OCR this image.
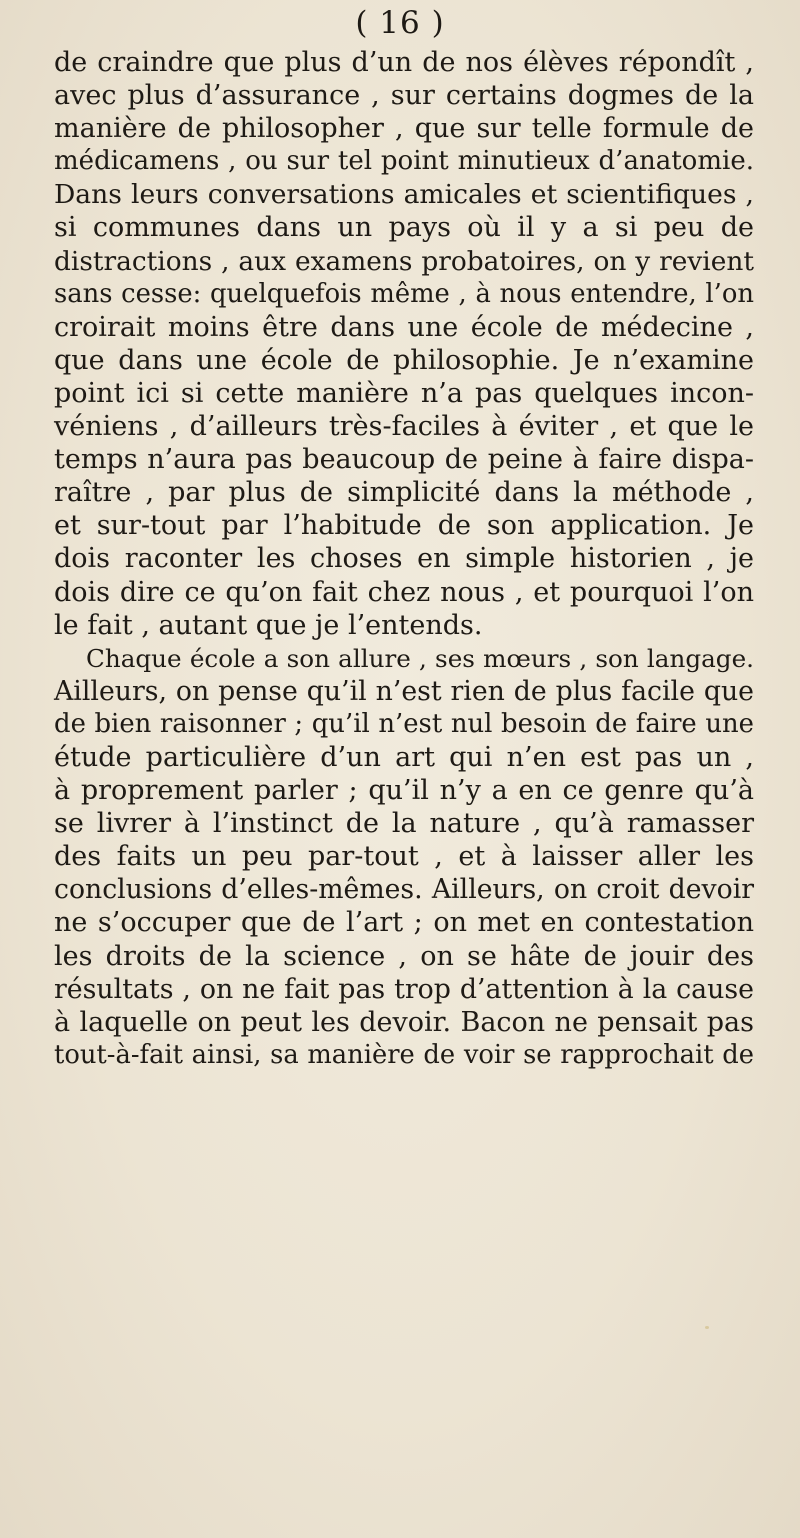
( 16 )

de craindre que plus d’un de nos élèves répondît ,
avec plus d’assurance , sur certains dogmes de la
manière de philosopher , que sur telle formule de
médicamens , ou sur tel point minutieux d’anatomie.
Dans leurs conversations amicales et scientifiques ,
si communes dans un pays où il y a si peu de
distractions , aux examens probatoires, on y revient
sans cesse: quelquefois même , à nous entendre, l’on
croirait moins être dans une école de médecine ,
que dans une école de philosophie. Je n’examine
point ici si cette manière n’a pas quelques incon-
véniens , d’ailleurs très-faciles à éviter , et que le
temps n’aura pas beaucoup de peine à faire dispa-
raître , par plus de simplicité dans la méthode ,
et sur-tout par l’habitude de son application. Je
dois raconter les choses en simple historien , je
dois dire ce qu’on fait chez nous , et pourquoi l’on
le fait , autant que je l’entends.
Chaque école a son allure , ses mœurs , son langage.
Ailleurs, on pense qu’il n’est rien de plus facile que
de bien raisonner ; qu’il n’est nul besoin de faire une
étude particulière d’un art qui n’en est pas un ,
à proprement parler ; qu’il n’y a en ce genre qu’à
se livrer à l’instinct de la nature , qu’à ramasser
des faits un peu par-tout , et à laisser aller les
conclusions d’elles-mêmes. Ailleurs, on croit devoir
ne s’occuper que de l’art ; on met en contestation
les droits de la science , on se hâte de jouir des
résultats , on ne fait pas trop d’attention à la cause
à laquelle on peut les devoir. Bacon ne pensait pas
tout-à-fait ainsi, sa manière de voir se rapprochait de
